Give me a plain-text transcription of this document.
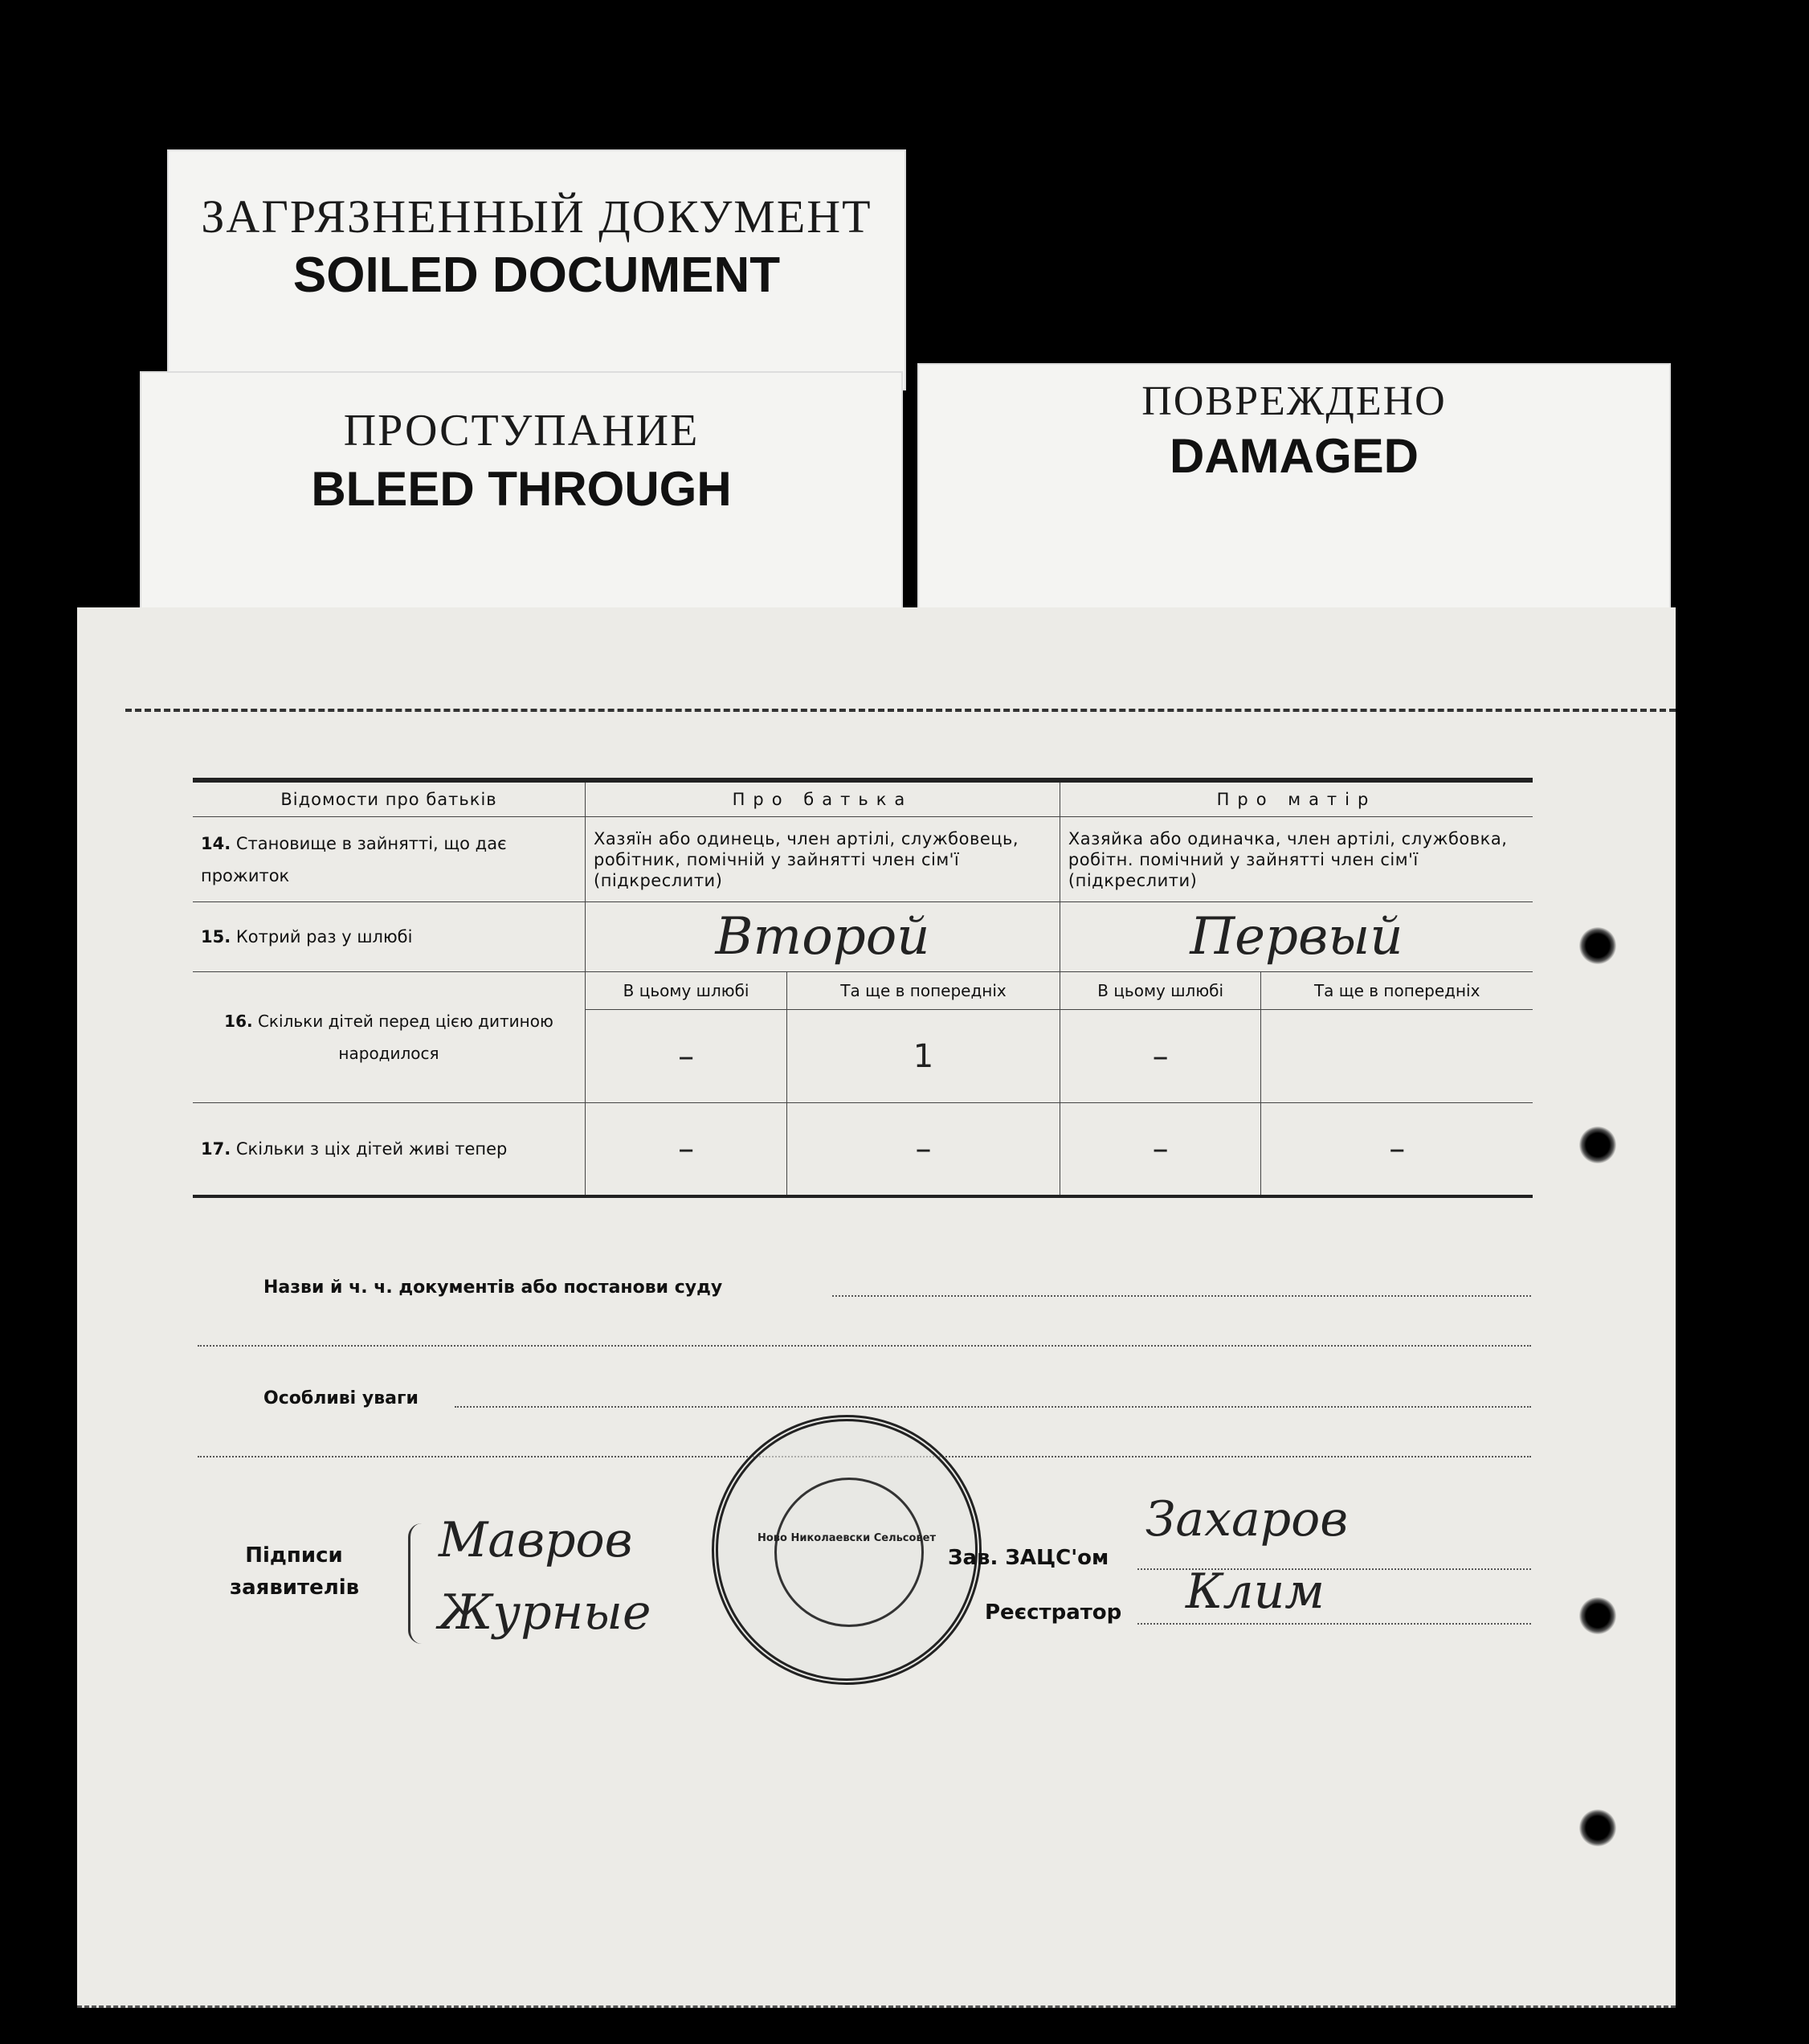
ЗАГРЯЗНЕННЫЙ ДОКУМЕНТ
SOILED DOCUMENT
ПРОСТУПАНИЕ
BLEED THROUGH
ПОВРЕЖДЕНО
DAMAGED
Відомости про батьків	Про батька		Про матір	
14. Становище в зайнятті, що дає прожиток	Хазяїн або одинець, член артілі, службовець, робітник, помічній у зайнятті член сім'ї (підкреслити)		Хазяйка або одиначка, член артілі, службовка, робітн. помічний у зайнятті член сім'ї (підкреслити)	
15. Котрий раз у шлюбі	Второй		Первый	
16. Скільки дітей перед цією дитиною народилося	В цьому шлюбі	Та ще в попередніх	В цьому шлюбі	Та ще в попередніх
	–	1	–	
17. Скільки з ціх дітей живі тепер	–	–	–	–
Назви й ч. ч. документів або постанови суду
Особливі уваги
Ново Николаевски Сельсовет
Підписи заявителів
Мавров
Журные
Зав. ЗАЦС'ом
Захаров
Реєстратор Клим
